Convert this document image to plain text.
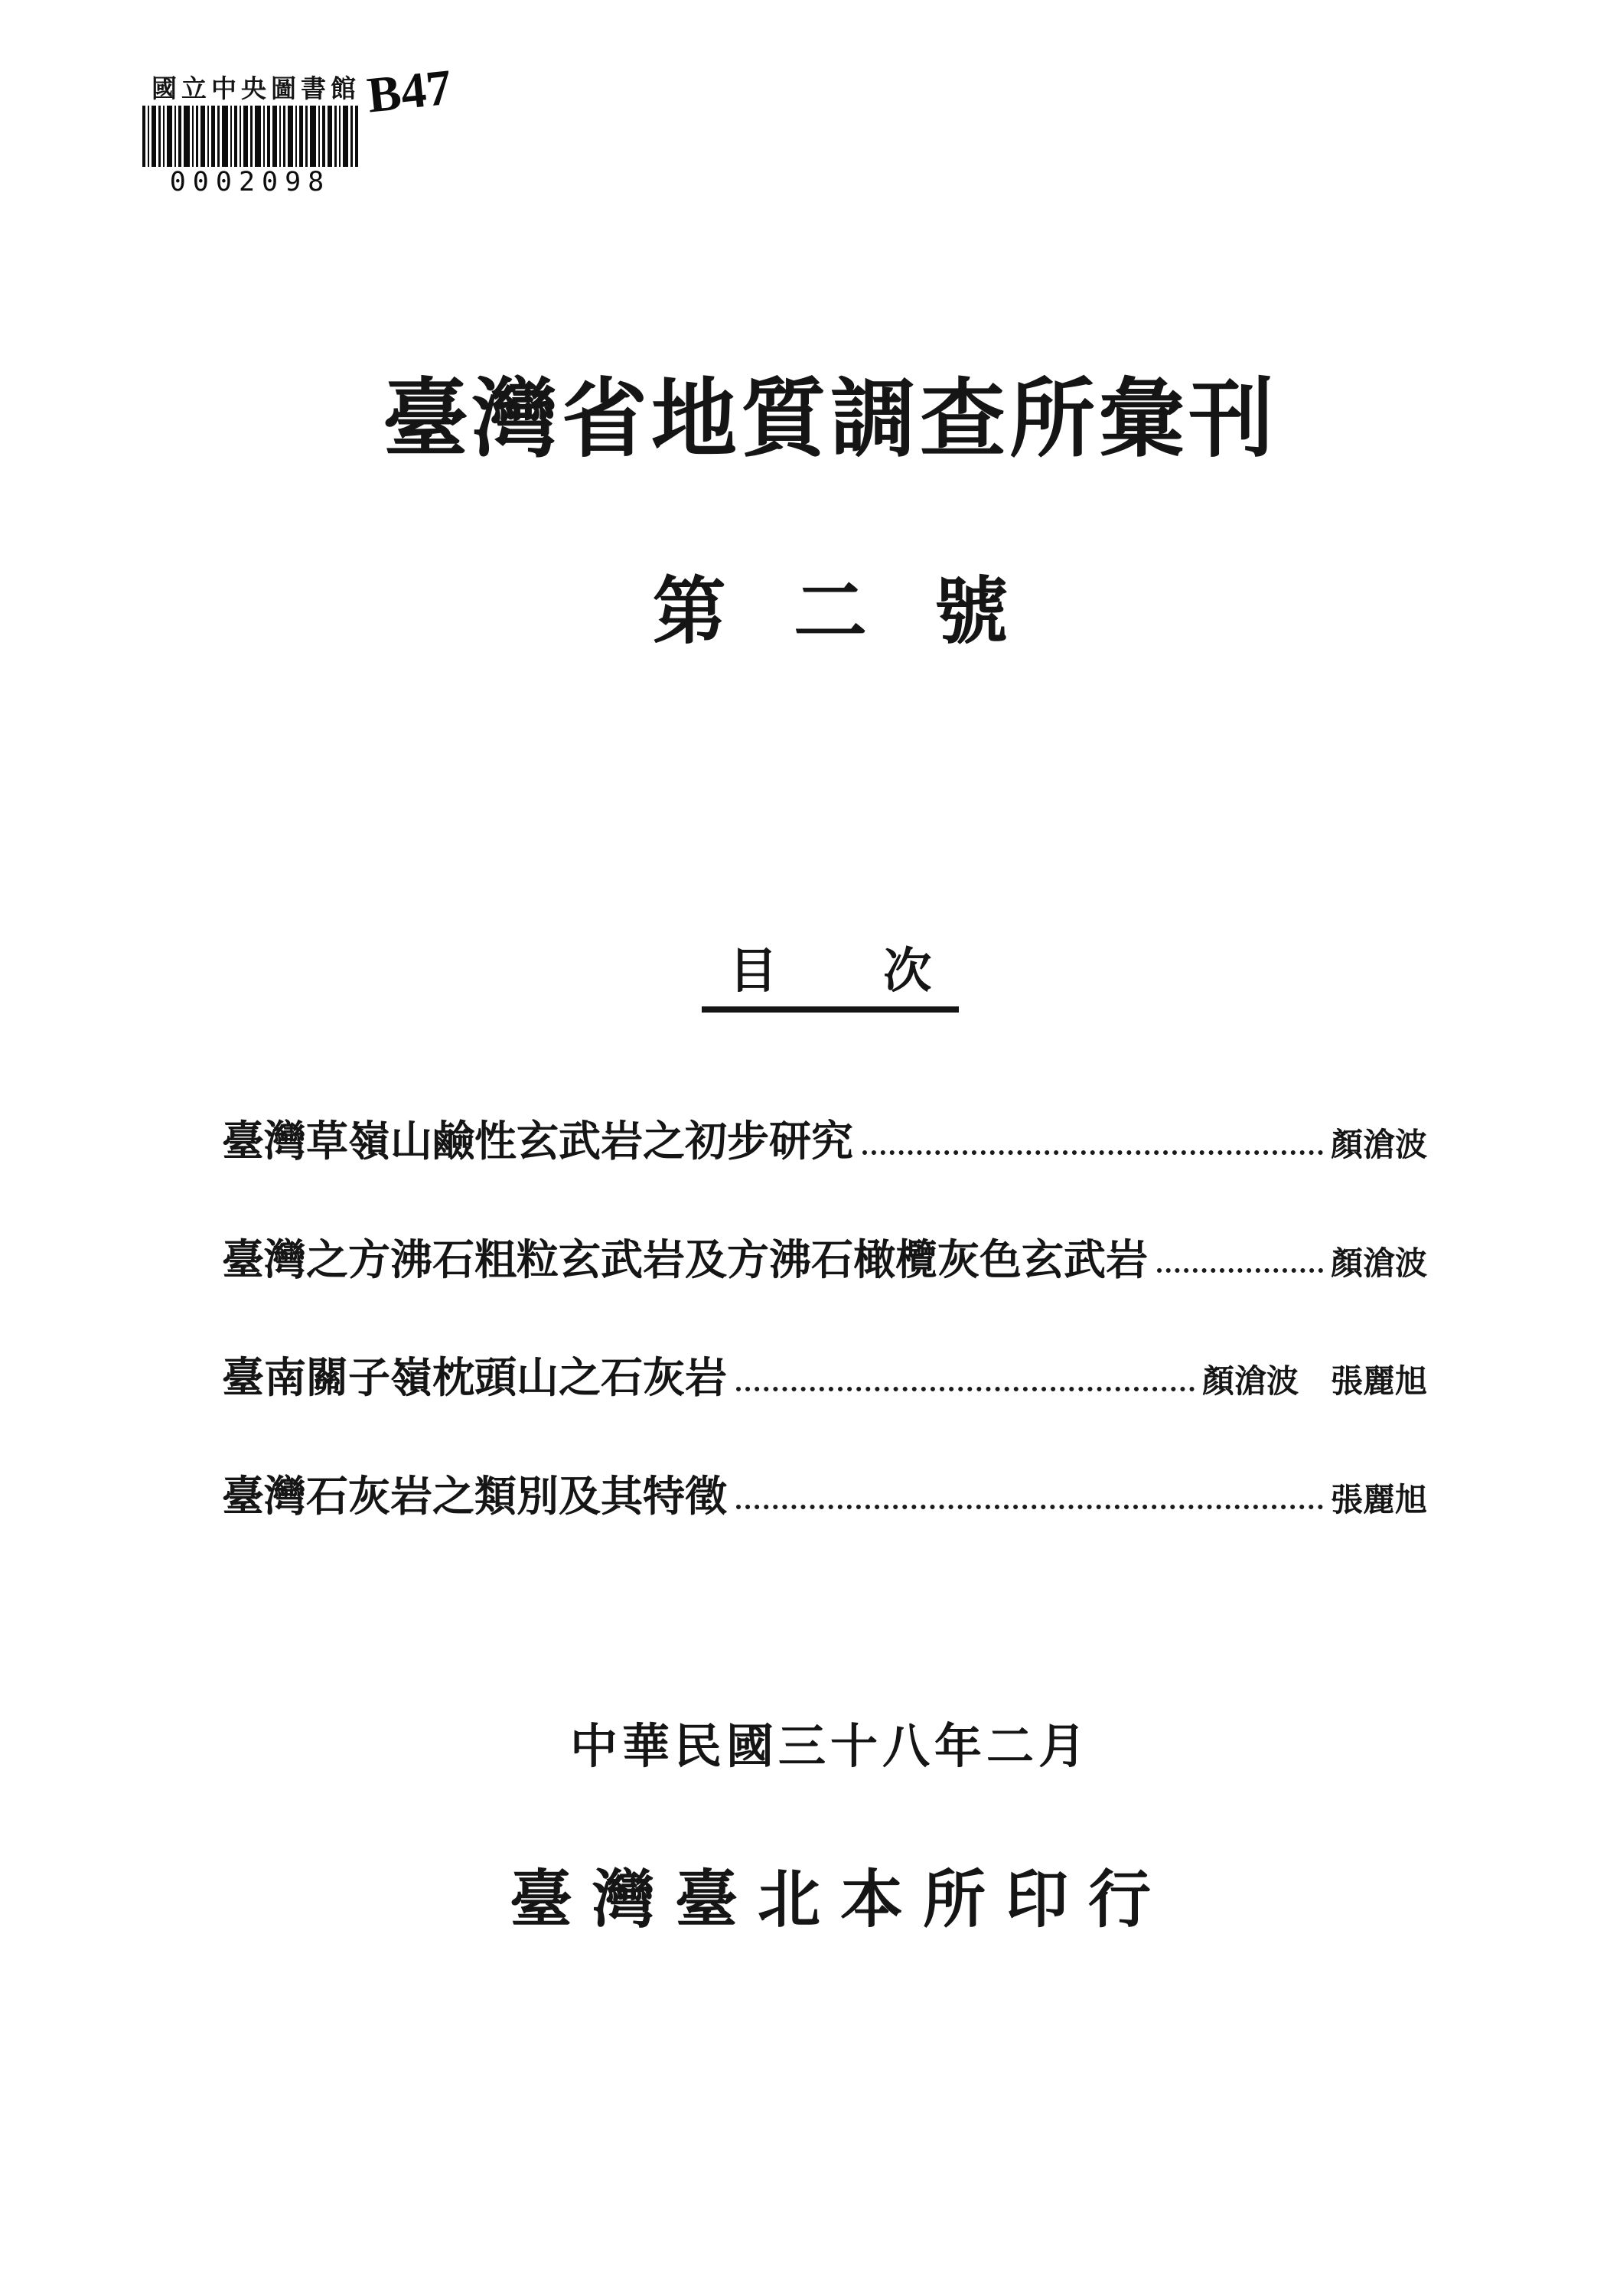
國立中央圖書館
0002098
B47
臺灣省地質調查所彙刊
第二號
目次
臺灣草嶺山鹼性玄武岩之初步研究	顏滄波
臺灣之方沸石粗粒玄武岩及方沸石橄欖灰色玄武岩	顏滄波
臺南關子嶺枕頭山之石灰岩	顏滄波　張麗旭
臺灣石灰岩之類別及其特徵	張麗旭
中華民國三十八年二月
臺灣臺北本所印行
